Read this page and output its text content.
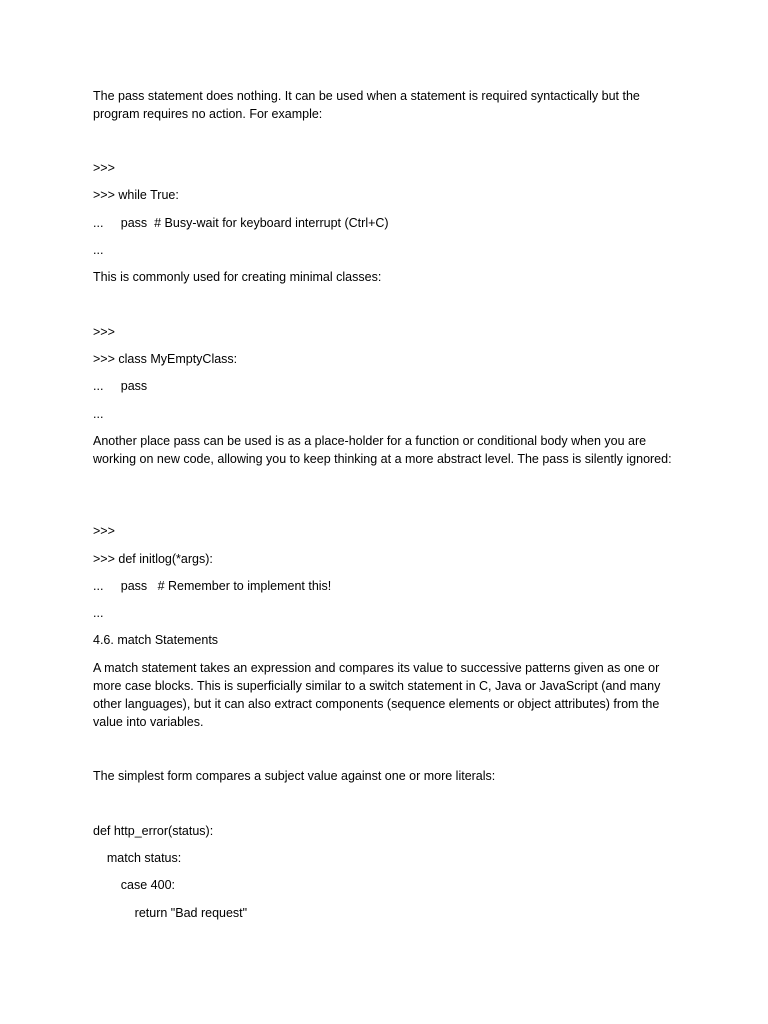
The pass statement does nothing. It can be used when a statement is required syntactically but the program requires no action. For example:

>>>

>>> while True:

...     pass  # Busy-wait for keyboard interrupt (Ctrl+C)

...

This is commonly used for creating minimal classes:

>>>

>>> class MyEmptyClass:

...     pass

...

Another place pass can be used is as a place-holder for a function or conditional body when you are working on new code, allowing you to keep thinking at a more abstract level. The pass is silently ignored:

>>>

>>> def initlog(*args):

...     pass   # Remember to implement this!

...

4.6. match Statements

A match statement takes an expression and compares its value to successive patterns given as one or more case blocks. This is superficially similar to a switch statement in C, Java or JavaScript (and many other languages), but it can also extract components (sequence elements or object attributes) from the value into variables.

The simplest form compares a subject value against one or more literals:

def http_error(status):

match status:

case 400:

return "Bad request"
